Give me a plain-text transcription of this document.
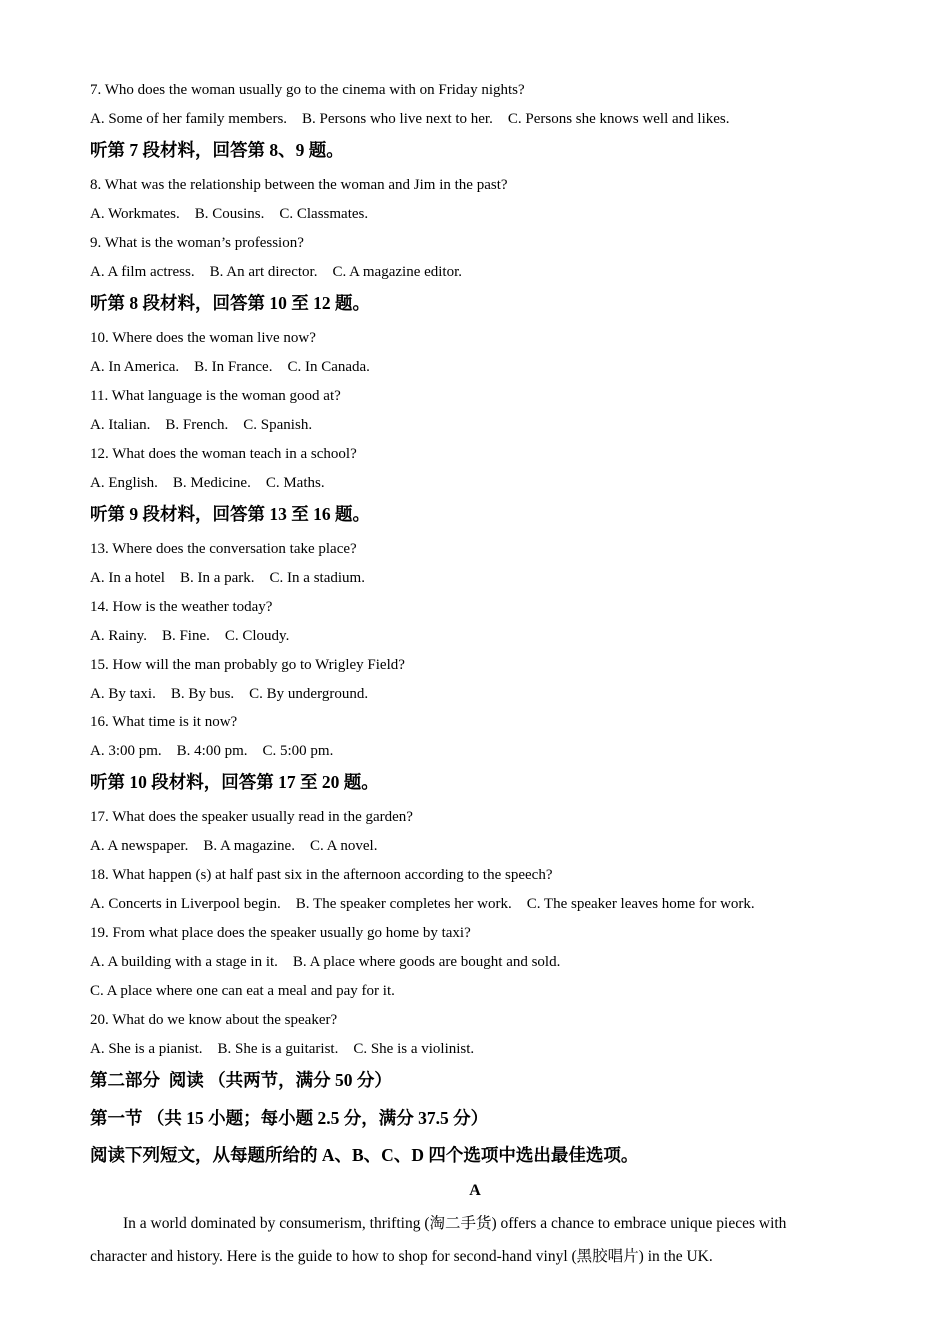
7. Who does the woman usually go to the cinema with on Friday nights?
A. Some of her family members.    B. Persons who live next to her.    C. Persons she knows well and likes.
听第 7 段材料，回答第 8、9 题。
8. What was the relationship between the woman and Jim in the past?
A. Workmates.    B. Cousins.    C. Classmates.
9. What is the woman’s profession?
A. A film actress.    B. An art director.    C. A magazine editor.
听第 8 段材料，回答第 10 至 12 题。
10. Where does the woman live now?
A. In America.    B. In France.    C. In Canada.
11. What language is the woman good at?
A. Italian.    B. French.    C. Spanish.
12. What does the woman teach in a school?
A. English.    B. Medicine.    C. Maths.
听第 9 段材料，回答第 13 至 16 题。
13. Where does the conversation take place?
A. In a hotel    B. In a park.    C. In a stadium.
14. How is the weather today?
A. Rainy.    B. Fine.    C. Cloudy.
15. How will the man probably go to Wrigley Field?
A. By taxi.    B. By bus.    C. By underground.
16. What time is it now?
A. 3:00 pm.    B. 4:00 pm.    C. 5:00 pm.
听第 10 段材料，回答第 17 至 20 题。
17. What does the speaker usually read in the garden?
A. A newspaper.    B. A magazine.    C. A novel.
18. What happen (s) at half past six in the afternoon according to the speech?
A. Concerts in Liverpool begin.    B. The speaker completes her work.    C. The speaker leaves home for work.
19. From what place does the speaker usually go home by taxi?
A. A building with a stage in it.    B. A place where goods are bought and sold.
C. A place where one can eat a meal and pay for it.
20. What do we know about the speaker?
A. She is a pianist.    B. She is a guitarist.    C. She is a violinist.
第二部分  阅读 （共两节，满分 50 分）
第一节 （共 15 小题；每小题 2.5 分，满分 37.5 分）
阅读下列短文，从每题所给的 A、B、C、D 四个选项中选出最佳选项。
A
In a world dominated by consumerism, thrifting (淘二手货) offers a chance to embrace unique pieces with
character and history. Here is the guide to how to shop for second-hand vinyl (黑胶唱片) in the UK.
